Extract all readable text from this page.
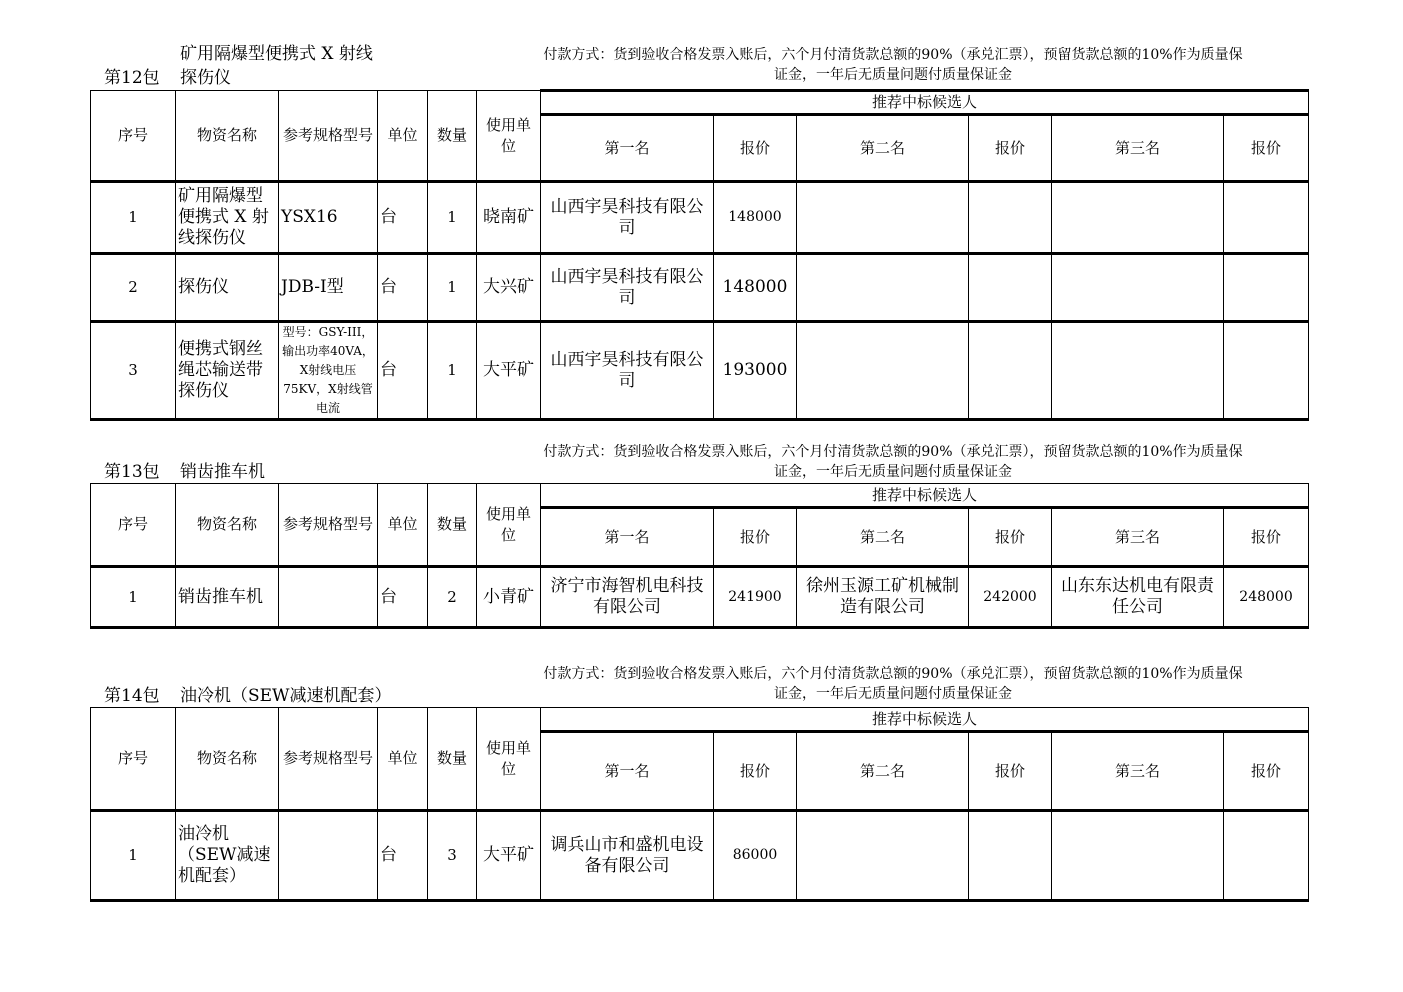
矿用隔爆型便携式 X 射线
第12包 探伤仪
付款方式：货到验收合格发票入账后，六个月付清货款总额的90%（承兑汇票），预留货款总额的10%作为质量保
证金，一年后无质量问题付质量保证金
序号	物资名称	参考规格型号	单位	数量	使用单位	推荐中标候选人					
						第一名	报价	第二名	报价	第三名	报价
1	矿用隔爆型便携式 X 射线探伤仪	YSX16	台	1	晓南矿	山西宇昊科技有限公司	148000				
2	探伤仪	JDB-I型	台	1	大兴矿	山西宇昊科技有限公司	148000				
3	便携式钢丝绳芯输送带探伤仪	型号：GSY-III，输出功率40VA，X射线电压75KV，X射线管电流	台	1	大平矿	山西宇昊科技有限公司	193000				
第13包 销齿推车机
付款方式：货到验收合格发票入账后，六个月付清货款总额的90%（承兑汇票），预留货款总额的10%作为质量保
证金，一年后无质量问题付质量保证金
序号	物资名称	参考规格型号	单位	数量	使用单位	推荐中标候选人					
						第一名	报价	第二名	报价	第三名	报价
1	销齿推车机		台	2	小青矿	济宁市海智机电科技有限公司	241900	徐州玉源工矿机械制造有限公司	242000	山东东达机电有限责任公司	248000
第14包 油冷机（SEW减速机配套）
付款方式：货到验收合格发票入账后，六个月付清货款总额的90%（承兑汇票），预留货款总额的10%作为质量保
证金，一年后无质量问题付质量保证金
序号	物资名称	参考规格型号	单位	数量	使用单位	推荐中标候选人					
						第一名	报价	第二名	报价	第三名	报价
1	油冷机（SEW减速机配套）		台	3	大平矿	调兵山市和盛机电设备有限公司	86000				
